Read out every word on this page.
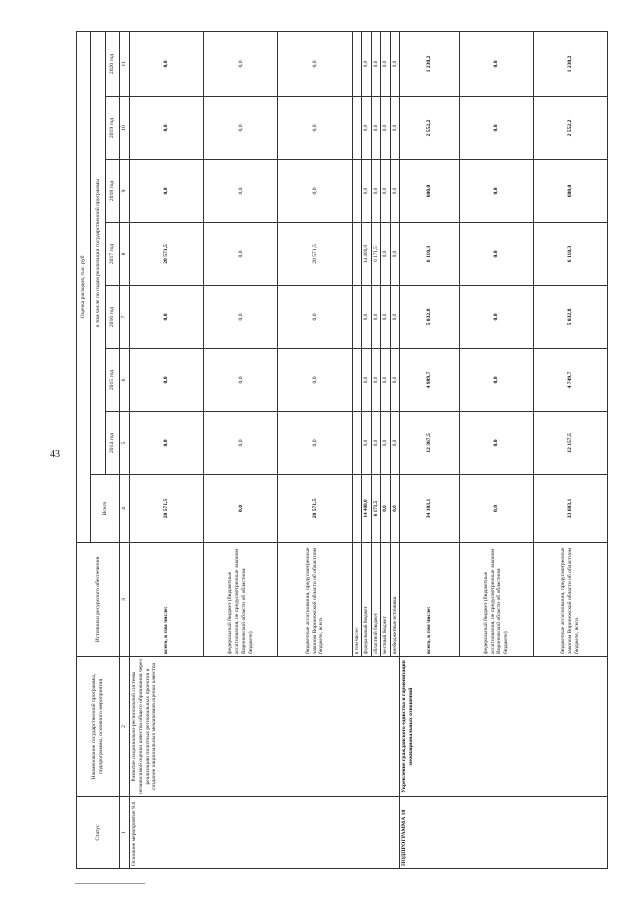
43
Статус	Наименование государственной программы, подпрограммы, основного мероприятия	Источники ресурсного обеспечения	Оценка расходов, тыс. руб							
			Всего	в том числе по годам реализации государственной программы						
				2014 год	2015 год	2016 год	2017 год	2018 год	2019 год	2020 год
1	2	3	4	5	6	7	8	9	10	11
Основное мероприятие 9.4	Развитие национально-региональной системы независимой оценки качества общего образования через реализацию пилотных региональных проектов и создание национальных механизмов оценки качества	всего, в том числе:	20 571,5	0,0	0,0	0,0	20 571,5	0,0	0,0	0,0
		федеральный бюджет (бюджетные ассигнования, не предусмотренные законом Воронежской области об областном бюджете)	0,0	0,0	0,0	0,0	0,0	0,0	0,0	0,0
		бюджетные ассигнования, предусмотренные законом Воронежской области об областном бюджете, всего	20 571,5	0,0	0,0	0,0	20 571,5	0,0	0,0	0,0
		в том числе:								
		федеральный бюджет	14 400,0	0,0	0,0	0,0	14 400,0	0,0	0,0	0,0
		областной бюджет	6 171,5	0,0	0,0	0,0	6 171,5	0,0	0,0	0,0
		местный бюджет	0,0	0,0	0,0	0,0	0,0	0,0	0,0	0,0
		внебюджетные источники	0,0	0,0	0,0	0,0	0,0	0,0	0,0	0,0
ПОДПРОГРАММА 10	Укрепление гражданского единства и гармонизация межнациональных отношений	всего, в том числе:	34 103,1	12 367,5	4 989,7	5 032,8	6 110,3	600,0	2 552,2	1 230,2
		федеральный бюджет (бюджетные ассигнования, не предусмотренные законом Воронежской области об областном бюджете)	0,0	0,0	0,0	0,0	0,0	0,0	0,0	0,0
		бюджетные ассигнования, предусмотренные законом Воронежской области об областном бюджете, всего	33 683,1	12 157,5	4 749,7	5 032,8	6 110,3	600,0	2 552,2	1 230,2
